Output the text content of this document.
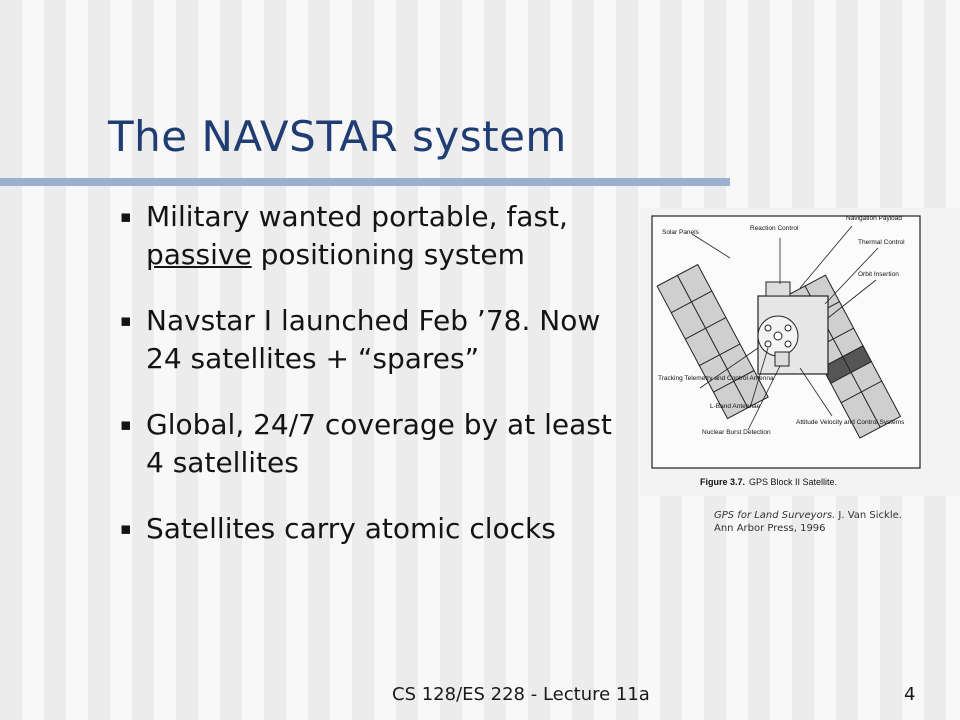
The NAVSTAR system
▪ Military wanted portable, fast, passive positioning system
▪ Navstar I launched Feb ’78. Now 24 satellites + “spares”
▪ Global, 24/7 coverage by at least 4 satellites
▪ Satellites carry atomic clocks
Solar Panels
Reaction Control
Navigation Payload
Thermal Control
Orbit Insertion
Tracking Telemetry and Control Antenna
L-Band Antennae
Nuclear Burst Detection
Attitude Velocity and Control Systems
Figure 3.7. GPS Block II Satellite.
GPS for Land Surveyors. J. Van Sickle. Ann Arbor Press, 1996
CS 128/ES 228 - Lecture 11a	4
